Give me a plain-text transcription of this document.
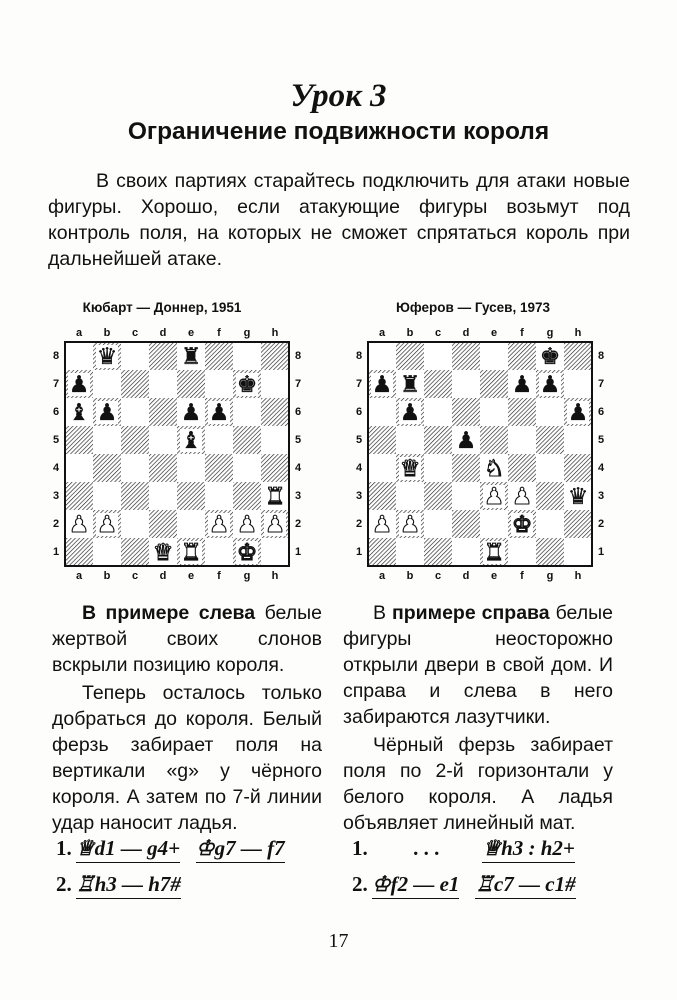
Урок 3
Ограничение подвижности короля

В своих партиях старайтесь подключить для атаки новые фигуры. Хорошо, если атакующие фигуры возьмут под контроль поля, на которых не сможет спрятаться король при дальнейшей атаке.

Кюбарт — Доннер, 1951	Юферов — Гусев, 1973
a
a
b
b
c
c
d
d
e
e
f
f
g
g
h
h
8	8
7	7
6	6
5	5
4	4
3	3
2	2
1	1
♛	♜
♟	♚
♝ ♟	♟ ♟
♝
♜
♟ ♟	♟ ♟ ♟
♛ ♜ ♚
a
a
b
b
c
c
d
d
e
e
f
f
g
g
h
h
8	8
7	7
6	6
5	5
4	4
3	3
2	2
1	1
♚
♟ ♜	♟ ♟
♟	♟
♟
♛	♞
♟ ♟ ♛
♟ ♟	♚
♜

В примере слева белые жертвой своих слонов вскрыли позицию короля.

Теперь осталось только добраться до короля. Белый ферзь забирает поля на вертикали «g» у чёрного короля. А затем по 7-й линии удар наносит ладья.

В примере справа белые фигуры неосторожно открыли двери в свой дом. И справа и слева в него забираются лазутчики.

Чёрный ферзь забирает поля по 2-й горизонтали у белого короля. А ладья объявляет линейный мат.

1. ♕d1 — g4+ ♔g7 — f7
2. ♖h3 — h7#
1. . . . ♕h3 : h2+
2. ♔f2 — e1 ♖c7 — c1#
17
